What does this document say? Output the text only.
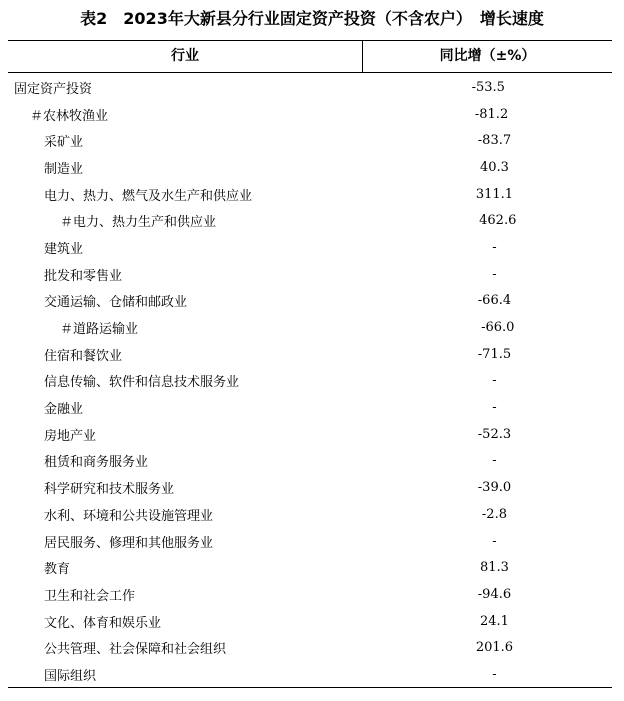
表2　2023年大新县分行业固定资产投资（不含农户）　增长速度
行业	同比增（±%）
固定资产投资	-53.5
＃农林牧渔业	-81.2
采矿业	-83.7
制造业	40.3
电力、热力、燃气及水生产和供应业	311.1
＃电力、热力生产和供应业	462.6
建筑业	-
批发和零售业	-
交通运输、仓储和邮政业	-66.4
＃道路运输业	-66.0
住宿和餐饮业	-71.5
信息传输、软件和信息技术服务业	-
金融业	-
房地产业	-52.3
租赁和商务服务业	-
科学研究和技术服务业	-39.0
水利、环境和公共设施管理业	-2.8
居民服务、修理和其他服务业	-
教育	81.3
卫生和社会工作	-94.6
文化、体育和娱乐业	24.1
公共管理、社会保障和社会组织	201.6
国际组织	-
